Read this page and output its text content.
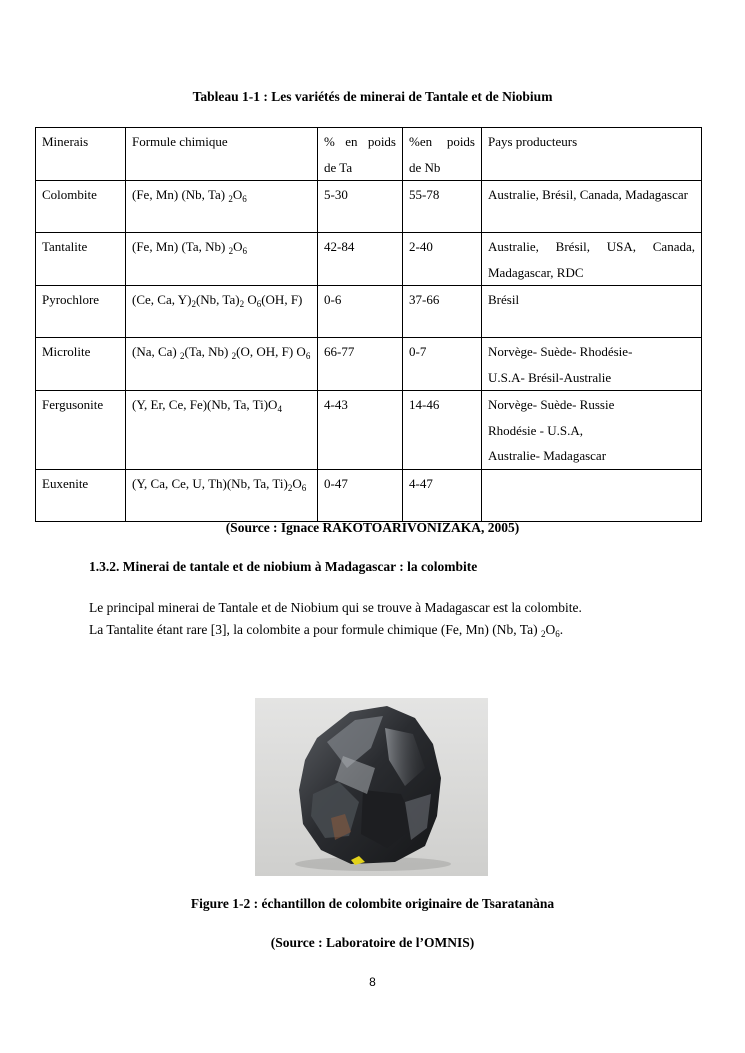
Tableau 1-1 : Les variétés de minerai de Tantale et de Niobium
Minerais	Formule chimique	% en poids de Ta	%en poids de Nb	Pays producteurs
Colombite	(Fe, Mn) (Nb, Ta) $_2O_6$	5-30	55-78	Australie, Brésil, Canada, Madagascar

Tantalite	(Fe, Mn) (Ta, Nb) $_2O_6$	42-84	2-40	Australie, Brésil, USA, Canada, Madagascar, RDC

Pyrochlore	(Ce, Ca, $Y)_2(Nb$, $Ta)_2$ $O_6(OH$, F)	0-6	37-66	Brésil

Microlite	(Na, Ca) $_2$(Ta, Nb) $_2$(O, OH, F) $O_6$	66-77	0-7	Norvège- Suède- Rhodésie-
U.S.A- Brésil-Australie

Fergusonite	(Y, Er, Ce, Fe)(Nb, Ta, $Ti)O_4$	4-43	14-46	Norvège- Suède- Russie
Rhodésie - U.S.A,
Australie- Madagascar

Euxenite	(Y, Ca, Ce, U, Th)(Nb, Ta, $Ti)_2O_6$	0-47	4-47	
(Source : Ignace RAKOTOARIVONIZAKA, 2005)
1.3.2. Minerai de tantale et de niobium à Madagascar : la colombite
Le principal minerai de Tantale et de Niobium qui se trouve à Madagascar est la colombite.
La Tantalite étant rare [3], la colombite a pour formule chimique (Fe, Mn) (Nb, Ta) $_2O_6$.
Figure 1-2 : échantillon de colombite originaire de Tsaratanàna
(Source : Laboratoire de l’OMNIS)
8
